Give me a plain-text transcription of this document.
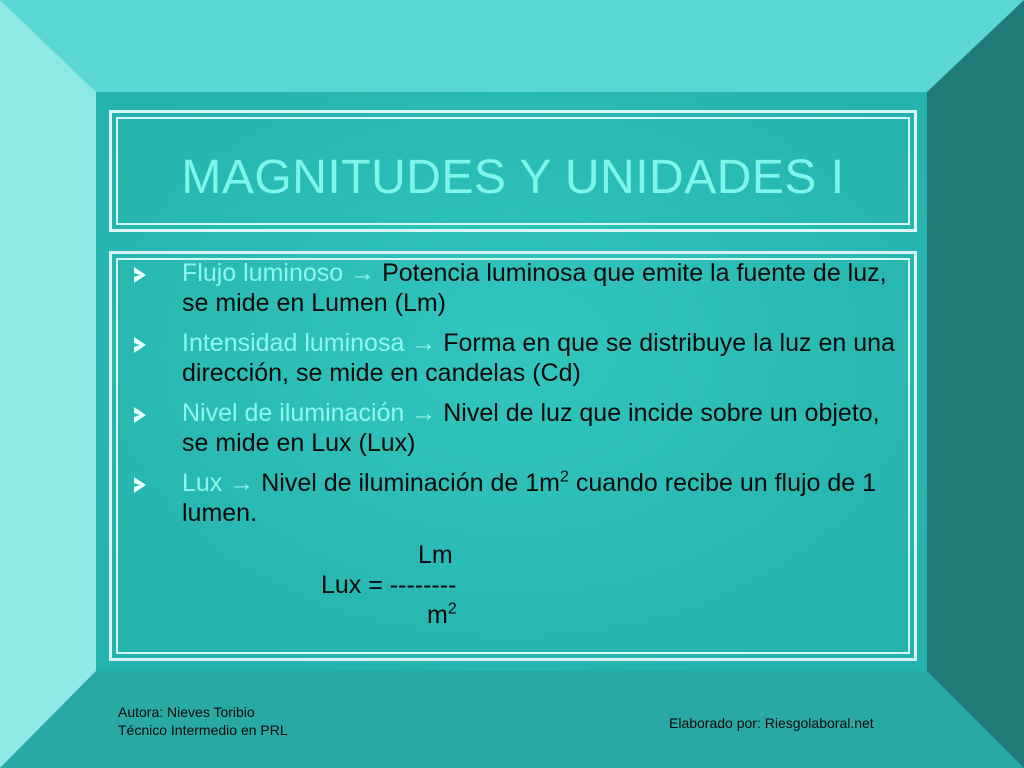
MAGNITUDES Y UNIDADES I
Flujo luminoso → Potencia luminosa que emite la fuente de luz, se mide en Lumen (Lm)
Intensidad luminosa → Forma en que se distribuye la luz en una dirección, se mide en candelas (Cd)
Nivel de iluminación → Nivel de luz que incide sobre un objeto, se mide en Lux (Lux)
Lux → Nivel de iluminación de $1m^2$ cuando recibe un flujo de 1 lumen.
Lm
Lux = --------
$m^2$
Autora: Nieves Toribio
Técnico Intermedio en PRL	Elaborado por: Riesgolaboral.net
